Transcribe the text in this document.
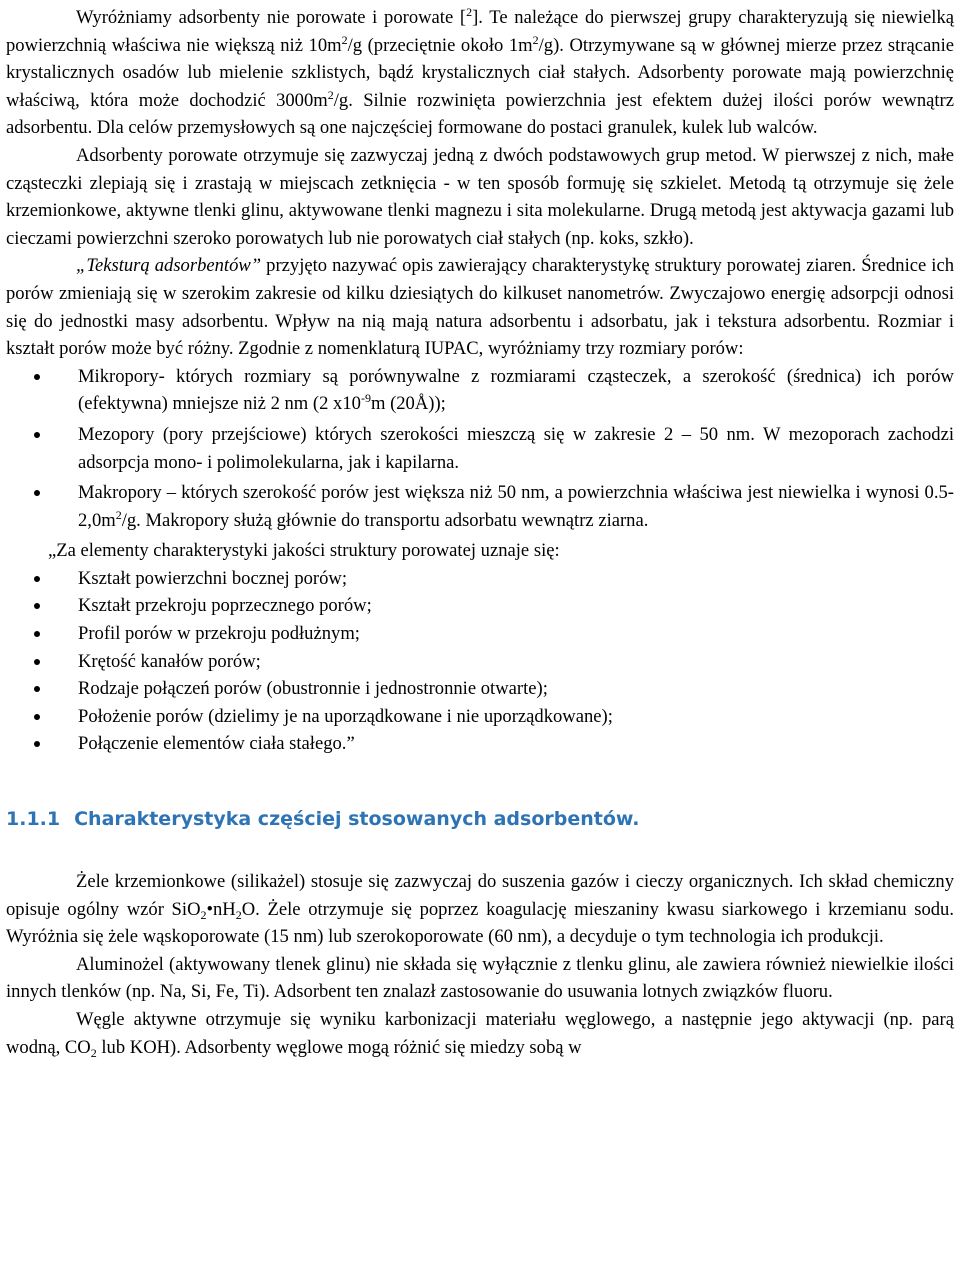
Wyróżniamy adsorbenty nie porowate i porowate [$^2$]. Te należące do pierwszej grupy charakteryzują się niewielką powierzchnią właściwa nie większą niż $10m^2/g$ (przeciętnie około $1m^2/g$). Otrzymywane są w głównej mierze przez strącanie krystalicznych osadów lub mielenie szklistych, bądź krystalicznych ciał stałych. Adsorbenty porowate mają powierzchnię właściwą, która może dochodzić $3000m^2/g$. Silnie rozwinięta powierzchnia jest efektem dużej ilości porów wewnątrz adsorbentu. Dla celów przemysłowych są one najczęściej formowane do postaci granulek, kulek lub walców.

Adsorbenty porowate otrzymuje się zazwyczaj jedną z dwóch podstawowych grup metod. W pierwszej z nich, małe cząsteczki zlepiają się i zrastają w miejscach zetknięcia - w ten sposób formuję się szkielet. Metodą tą otrzymuje się żele krzemionkowe, aktywne tlenki glinu, aktywowane tlenki magnezu i sita molekularne. Drugą metodą jest aktywacja gazami lub cieczami powierzchni szeroko porowatych lub nie porowatych ciał stałych (np. koks, szkło).

„Teksturą adsorbentów” przyjęto nazywać opis zawierający charakterystykę struktury porowatej ziaren. Średnice ich porów zmieniają się w szerokim zakresie od kilku dziesiątych do kilkuset nanometrów. Zwyczajowo energię adsorpcji odnosi się do jednostki masy adsorbentu. Wpływ na nią mają natura adsorbentu i adsorbatu, jak i tekstura adsorbentu. Rozmiar i kształt porów może być różny. Zgodnie z nomenklaturą IUPAC, wyróżniamy trzy rozmiary porów:

Mikropory- których rozmiary są porównywalne z rozmiarami cząsteczek, a szerokość (średnica) ich porów (efektywna) mniejsze niż 2 nm (2 $x10^{-9}m$ (20Å));
Mezopory (pory przejściowe) których szerokości mieszczą się w zakresie 2 – 50 nm. W mezoporach zachodzi adsorpcja mono- i polimolekularna, jak i kapilarna.
Makropory – których szerokość porów jest większa niż 50 nm, a powierzchnia właściwa jest niewielka i wynosi $0.5-2,0m^2/g$. Makropory służą głównie do transportu adsorbatu wewnątrz ziarna.

„Za elementy charakterystyki jakości struktury porowatej uznaje się:

Kształt powierzchni bocznej porów;
Kształt przekroju poprzecznego porów;
Profil porów w przekroju podłużnym;
Krętość kanałów porów;
Rodzaje połączeń porów (obustronnie i jednostronnie otwarte);
Położenie porów (dzielimy je na uporządkowane i nie uporządkowane);
Połączenie elementów ciała stałego.”
1.1.1 Charakterystyka częściej stosowanych adsorbentów.

Żele krzemionkowe (silikażel) stosuje się zazwyczaj do suszenia gazów i cieczy organicznych. Ich skład chemiczny opisuje ogólny wzór $SiO_2•nH_2O$. Żele otrzymuje się poprzez koagulację mieszaniny kwasu siarkowego i krzemianu sodu. Wyróżnia się żele wąskoporowate (15 nm) lub szerokoporowate (60 nm), a decyduje o tym technologia ich produkcji.

Aluminożel (aktywowany tlenek glinu) nie składa się wyłącznie z tlenku glinu, ale zawiera również niewielkie ilości innych tlenków (np. Na, Si, Fe, Ti). Adsorbent ten znalazł zastosowanie do usuwania lotnych związków fluoru.

Węgle aktywne otrzymuje się wyniku karbonizacji materiału węglowego, a następnie jego aktywacji (np. parą wodną, $CO_2$ lub KOH). Adsorbenty węglowe mogą różnić się miedzy sobą w
